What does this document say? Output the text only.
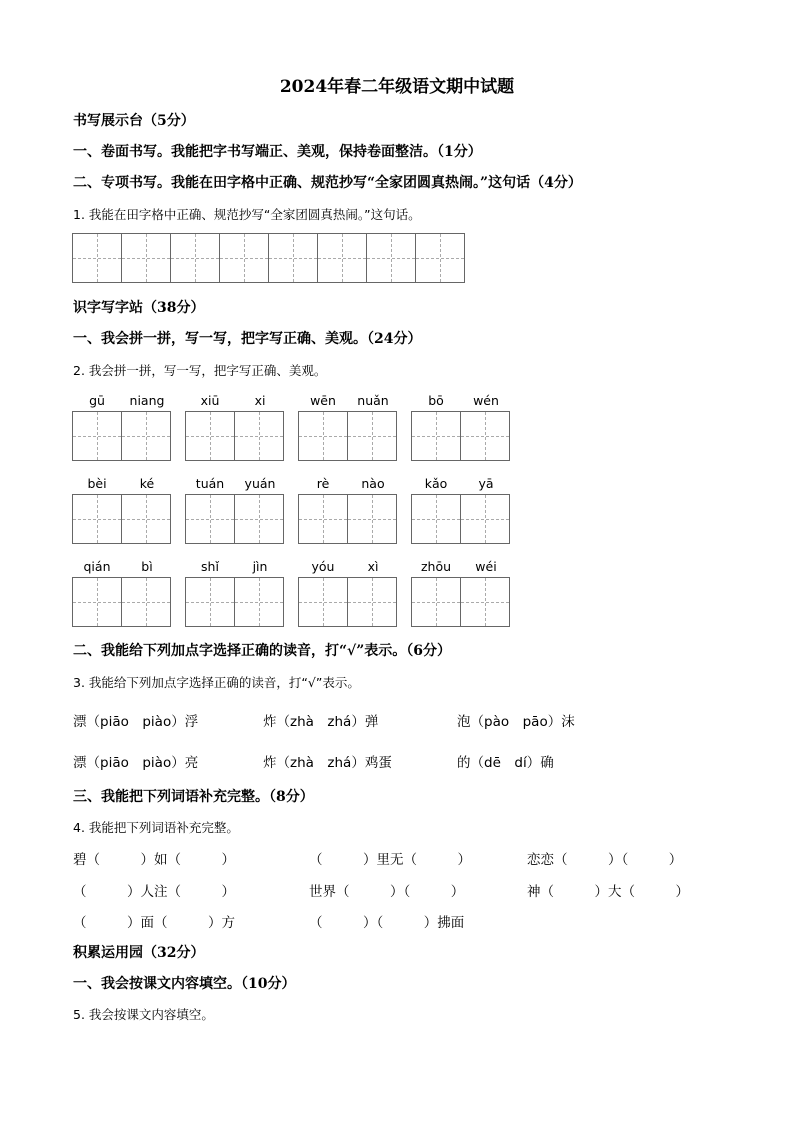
2024年春二年级语文期中试题
书写展示台（5分）
一、卷面书写。我能把字书写端正、美观，保持卷面整洁。（1分）
二、专项书写。我能在田字格中正确、规范抄写“全家团圆真热闹。”这句话（4分）
1. 我能在田字格中正确、规范抄写“全家团圆真热闹。”这句话。
识字写字站（38分）
一、我会拼一拼，写一写，把字写正确、美观。（24分）
2. 我会拼一拼，写一写，把字写正确、美观。
gū	niang	xiū	xi	wēn	nuǎn	bō	wén
bèi	ké	tuán	yuán	rè	nào	kǎo	yā
qián	bì	shǐ	jìn	yóu	xì	zhōu	wéi
二、我能给下列加点字选择正确的读音，打“√”表示。（6分）
3. 我能给下列加点字选择正确的读音，打“√”表示。
漂（piāo　piào）浮	炸（zhà　zhá）弹	泡（pào　pāo）沫
漂（piāo　piào）亮	炸（zhà　zhá）鸡蛋	的（dē　dí）确
三、我能把下列词语补充完整。（8分）
4. 我能把下列词语补充完整。
碧（　　　）如（　　　）	（　　　）里无（　　　）	恋恋（　　　）（　　　）
（　　　）人注（　　　）	世界（　　　）（　　　）	神（　　　）大（　　　）
（　　　）面（　　　）方	（　　　）（　　　）拂面
积累运用园（32分）
一、我会按课文内容填空。（10分）
5. 我会按课文内容填空。
